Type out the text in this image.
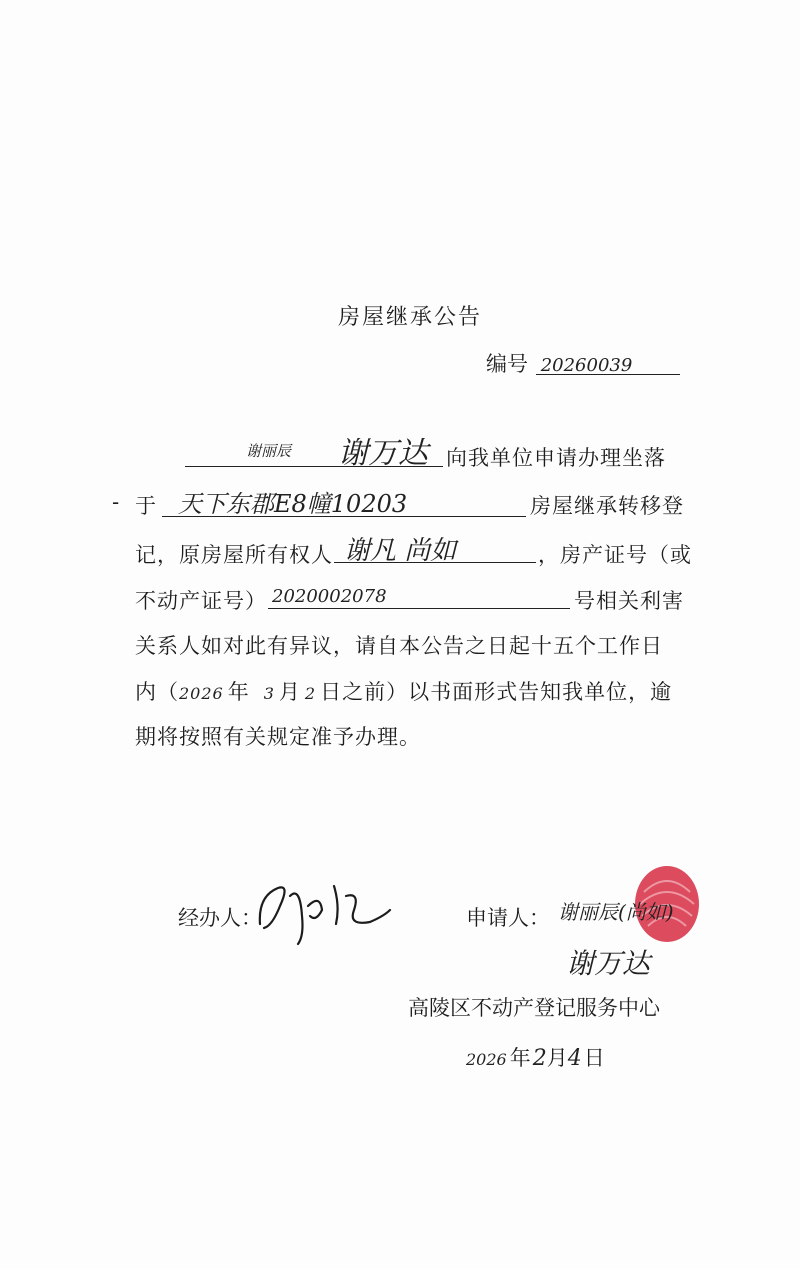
房屋继承公告
编号 20260039
谢丽辰 谢万达 向我单位申请办理坐落
- 于 天下东郡E8幢10203	房屋继承转移登
记，原房屋所有权人 谢凡 尚如	，房产证号（或
不动产证号） 2020002078	号相关利害
关系人如对此有异议，请自本公告之日起十五个工作日
内（2026 年 3 月 2 日之前）以书面形式告知我单位，逾
期将按照有关规定准予办理。
经办人：	申请人： 谢丽辰(尚如)
谢万达
高陵区不动产登记服务中心
2026 年2月4日
